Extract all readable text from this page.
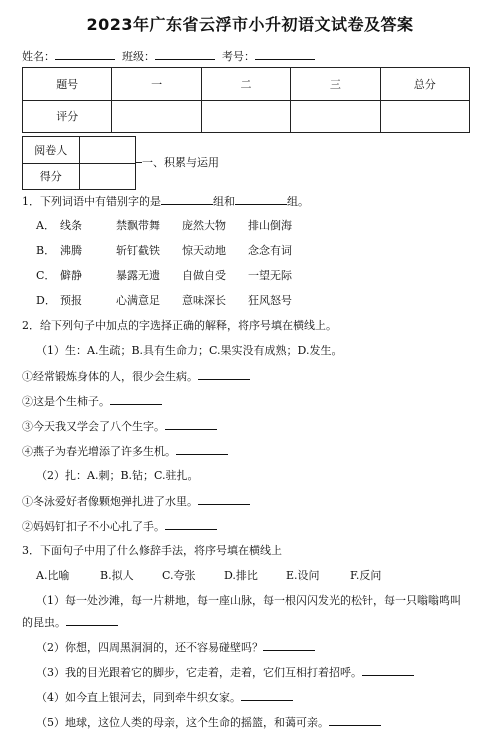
2023年广东省云浮市小升初语文试卷及答案
姓名：	班级：	考号：
题号	一	二	三	总分
评分				
阅卷人	
得分	
一、积累与运用
1．下列词语中有错别字的是	组和	组。
A． 线条	禁飘带舞 庞然大物 排山倒海
B． 沸腾	斩钉截铁 惊天动地 念念有词
C． 僻静	暴露无遗 自做自受 一望无际
D． 预报	心满意足 意味深长 狂风怒号
2．给下列句子中加点的字选择正确的解释，将序号填在横线上。
（1）生：A.生疏；B.具有生命力；C.果实没有成熟；D.发生。
①经常锻炼身体的人，很少会生病。
②这是个生柿子。
③今天我又学会了八个生字。
④燕子为春光增添了许多生机。
（2）扎：A.刺；B.钻；C.驻扎。
①冬泳爱好者像颗炮弹扎进了水里。
②妈妈钉扣子不小心扎了手。
3．下面句子中用了什么修辞手法，将序号填在横线上
A.比喻	B.拟人	C.夸张	D.排比	E.设问	F.反问
（1）每一处沙滩，每一片耕地，每一座山脉，每一根闪闪发光的松针，每一只嗡嗡鸣叫
的昆虫。
（2）你想，四周黑洞洞的，还不容易碰壁吗？
（3）我的目光跟着它的脚步，它走着，走着，它们互相打着招呼。
（4）如今直上银河去，同到牵牛织女家。
（5）地球，这位人类的母亲，这个生命的摇篮，和蔼可亲。
